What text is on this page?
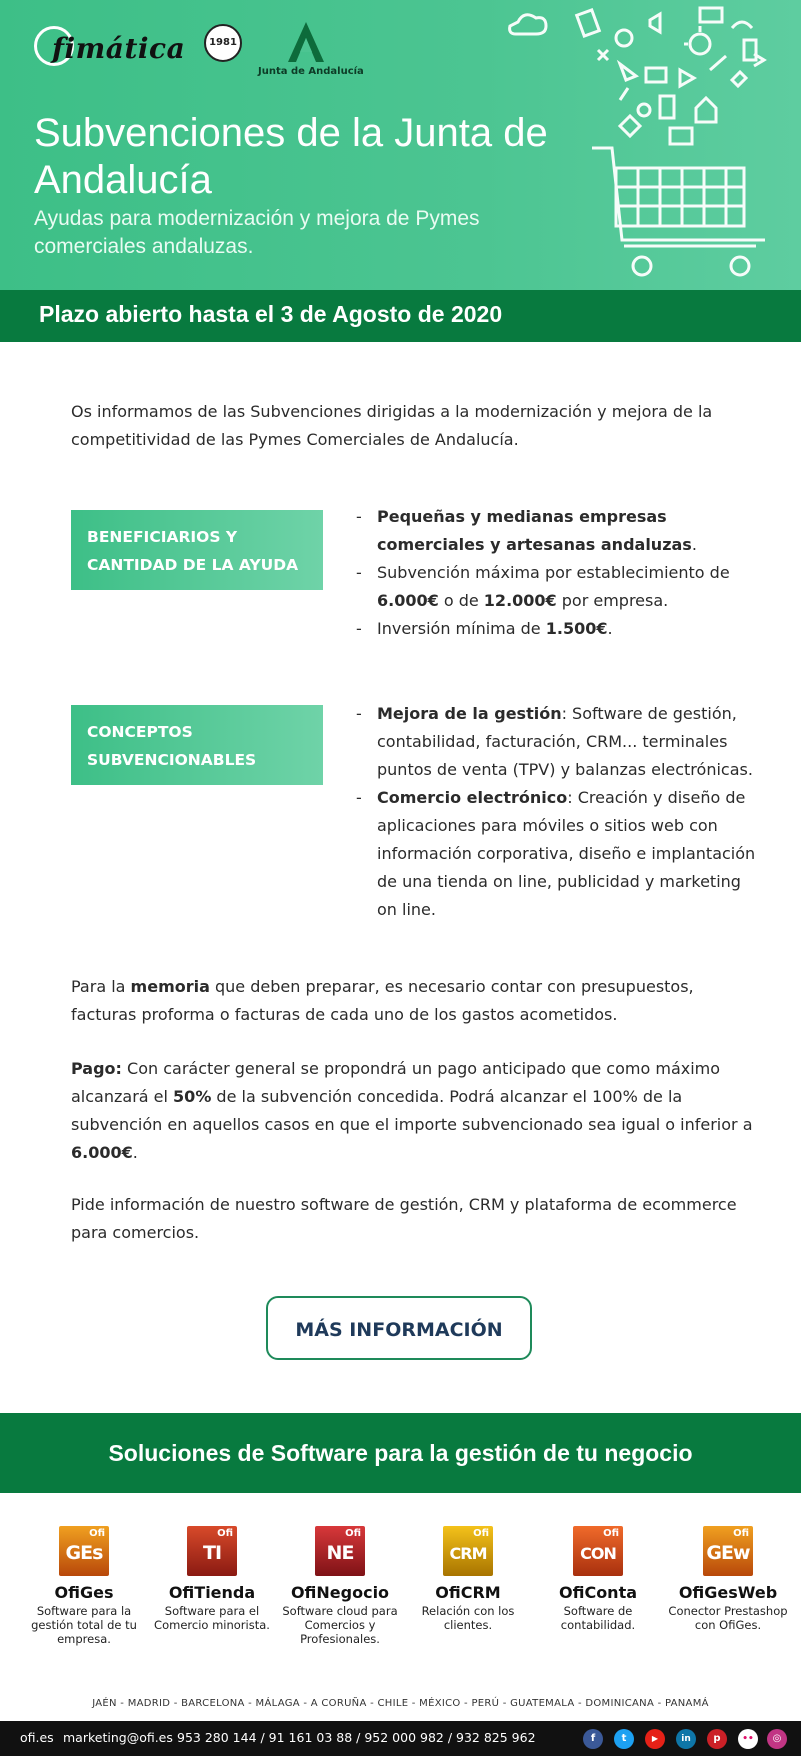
fimática	1981
Junta de Andalucía
Subvenciones de la Junta de Andalucía

Ayudas para modernización y mejora de Pymes comerciales andaluzas.

Plazo abierto hasta el 3 de Agosto de 2020

Os informamos de las Subvenciones dirigidas a la modernización y mejora de la competitividad de las Pymes Comerciales de Andalucía.

BENEFICIARIOS Y CANTIDAD DE LA AYUDA
- Pequeñas y medianas empresas comerciales y artesanas andaluzas.
- Subvención máxima por establecimiento de 6.000€ o de 12.000€ por empresa.
- Inversión mínima de 1.500€.
CONCEPTOS SUBVENCIONABLES
- Mejora de la gestión: Software de gestión, contabilidad, facturación, CRM... terminales puntos de venta (TPV) y balanzas electrónicas.
- Comercio electrónico: Creación y diseño de aplicaciones para móviles o sitios web con información corporativa, diseño e implantación de una tienda on line, publicidad y marketing on line.

Para la memoria que deben preparar, es necesario contar con presupuestos, facturas proforma o facturas de cada uno de los gastos acometidos.

Pago: Con carácter general se propondrá un pago anticipado que como máximo alcanzará el 50% de la subvención concedida. Podrá alcanzar el 100% de la subvención en aquellos casos en que el importe subvencionado sea igual o inferior a 6.000€.

Pide información de nuestro software de gestión, CRM y plataforma de ecommerce para comercios.

MÁS INFORMACIÓN
Soluciones de Software para la gestión de tu negocio
Ofi
GEs
OfiGes
Software para la gestión total de tu empresa.
Ofi
TI
OfiTienda
Software para el Comercio minorista.
Ofi
NE
OfiNegocio
Software cloud para Comercios y Profesionales.
Ofi
CRM
OfiCRM
Relación con los clientes.
Ofi
CON
OfiConta
Software de contabilidad.
Ofi
GEw
OfiGesWeb
Conector Prestashop con OfiGes.
JAÉN - MADRID - BARCELONA - MÁLAGA - A CORUÑA - CHILE - MÉXICO - PERÚ - GUATEMALA - DOMINICANA - PANAMÁ
ofi.es marketing@ofi.es 953 280 144 / 91 161 03 88 / 952 000 982 / 932 825 962	f	t	▶	in	p	••	◎
